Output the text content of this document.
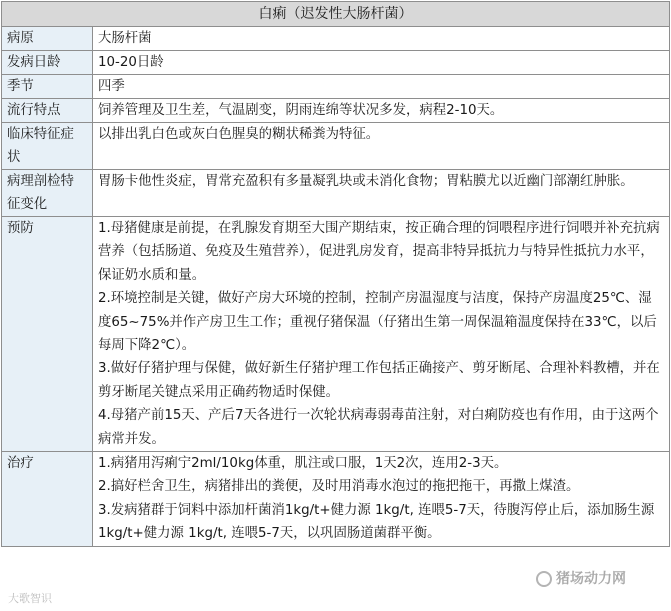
白痢（迟发性大肠杆菌）	
病原	大肠杆菌
发病日龄	10-20日龄
季节	四季
流行特点	饲养管理及卫生差，气温剧变，阴雨连绵等状况多发，病程2-10天。
临床特征症状	以排出乳白色或灰白色腥臭的糊状稀粪为特征。
病理剖检特征变化	胃肠卡他性炎症，胃常充盈积有多量凝乳块或未消化食物；胃粘膜尤以近幽门部潮红肿胀。
预防	1.母猪健康是前提，在乳腺发育期至大围产期结束，按正确合理的饲喂程序进行饲喂并补充抗病营养（包括肠道、免疫及生殖营养），促进乳房发育，提高非特异抵抗力与特异性抵抗力水平，保证奶水质和量。

2.环境控制是关键，做好产房大环境的控制，控制产房温湿度与洁度，保持产房温度25℃、湿度65~75%并作产房卫生工作；重视仔猪保温（仔猪出生第一周保温箱温度保持在33℃，以后每周下降2℃）。

3.做好仔猪护理与保健，做好新生仔猪护理工作包括正确接产、剪牙断尾、合理补料教槽，并在剪牙断尾关键点采用正确药物适时保健。

4.母猪产前15天、产后7天各进行一次轮状病毒弱毒苗注射，对白痢防疫也有作用，由于这两个病常并发。

治疗	1.病猪用泻痢宁2ml/10kg体重，肌注或口服，1天2次，连用2-3天。

2.搞好栏舍卫生，病猪排出的粪便，及时用消毒水泡过的拖把拖干，再撒上煤渣。

3.发病猪群于饲料中添加杆菌消1kg/t+健力源 1kg/t, 连喂5-7天，待腹泻停止后，添加肠生源1kg/t+健力源 1kg/t, 连喂5-7天，以巩固肠道菌群平衡。

大歌智识
猪场动力网
